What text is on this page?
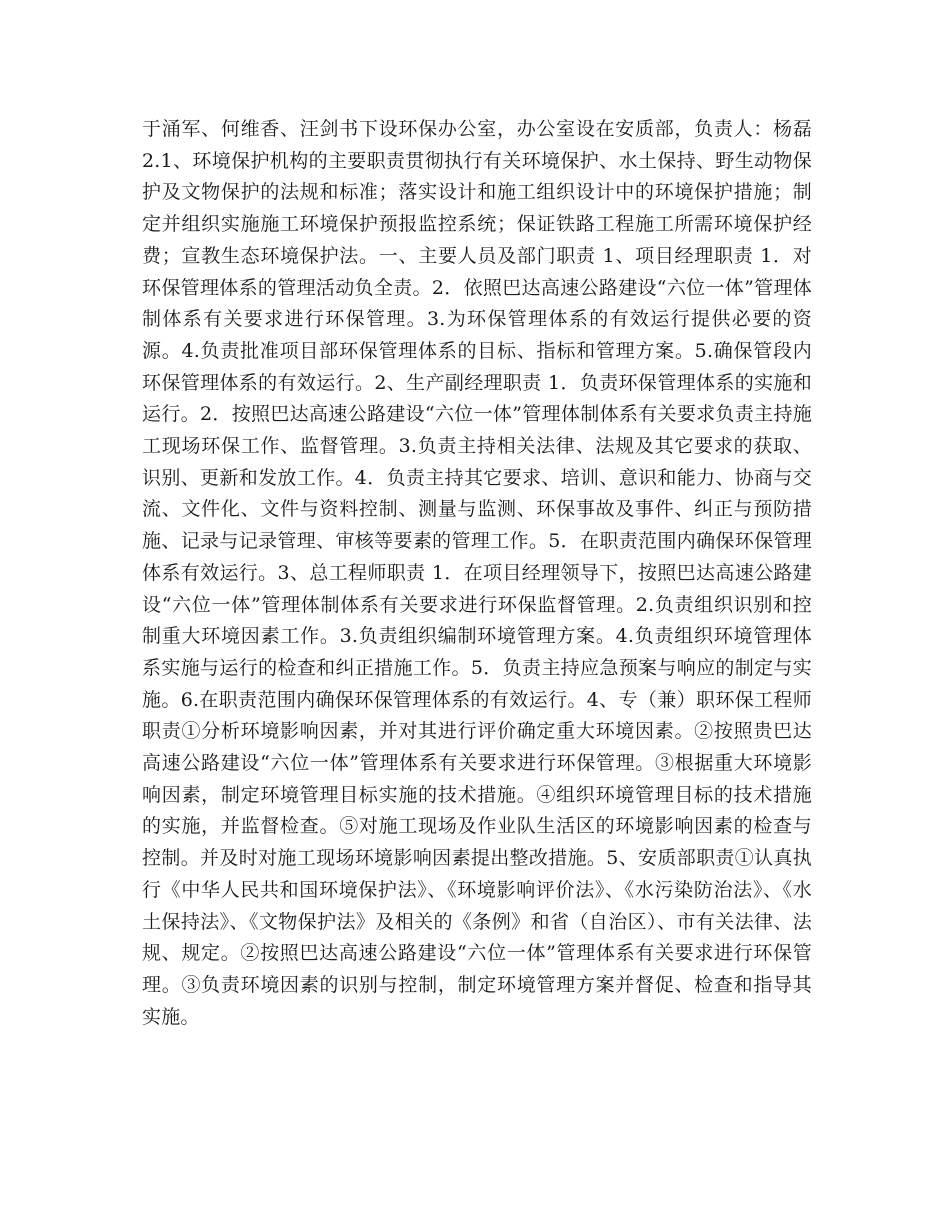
于涌军、何维香、汪剑书下设环保办公室，办公室设在安质部，负责人：杨磊　2.1、环境保护机构的主要职责贯彻执行有关环境保护、水土保持、野生动物保护及文物保护的法规和标准；落实设计和施工组织设计中的环境保护措施；制定并组织实施施工环境保护预报监控系统；保证铁路工程施工所需环境保护经费；宣教生态环境保护法。一、主要人员及部门职责 1、项目经理职责 1．对环保管理体系的管理活动负全责。2．依照巴达高速公路建设“六位一体”管理体制体系有关要求进行环保管理。3.为环保管理体系的有效运行提供必要的资源。4.负责批准项目部环保管理体系的目标、指标和管理方案。5.确保管段内环保管理体系的有效运行。2、生产副经理职责 1．负责环保管理体系的实施和运行。2．按照巴达高速公路建设“六位一体”管理体制体系有关要求负责主持施工现场环保工作、监督管理。3.负责主持相关法律、法规及其它要求的获取、识别、更新和发放工作。4．负责主持其它要求、培训、意识和能力、协商与交流、文件化、文件与资料控制、测量与监测、环保事故及事件、纠正与预防措施、记录与记录管理、审核等要素的管理工作。5．在职责范围内确保环保管理体系有效运行。3、总工程师职责 1．在项目经理领导下，按照巴达高速公路建设“六位一体”管理体制体系有关要求进行环保监督管理。2.负责组织识别和控制重大环境因素工作。3.负责组织编制环境管理方案。4.负责组织环境管理体系实施与运行的检查和纠正措施工作。5．负责主持应急预案与响应的制定与实施。6.在职责范围内确保环保管理体系的有效运行。4、专（兼）职环保工程师职责①分析环境影响因素，并对其进行评价确定重大环境因素。②按照贵巴达高速公路建设“六位一体”管理体系有关要求进行环保管理。③根据重大环境影响因素，制定环境管理目标实施的技术措施。④组织环境管理目标的技术措施的实施，并监督检查。⑤对施工现场及作业队生活区的环境影响因素的检查与控制。并及时对施工现场环境影响因素提出整改措施。5、安质部职责①认真执行《中华人民共和国环境保护法》、《环境影响评价法》、《水污染防治法》、《水土保持法》、《文物保护法》及相关的《条例》和省（自治区）、市有关法律、法规、规定。②按照巴达高速公路建设“六位一体”管理体系有关要求进行环保管理。③负责环境因素的识别与控制，制定环境管理方案并督促、检查和指导其实施。
